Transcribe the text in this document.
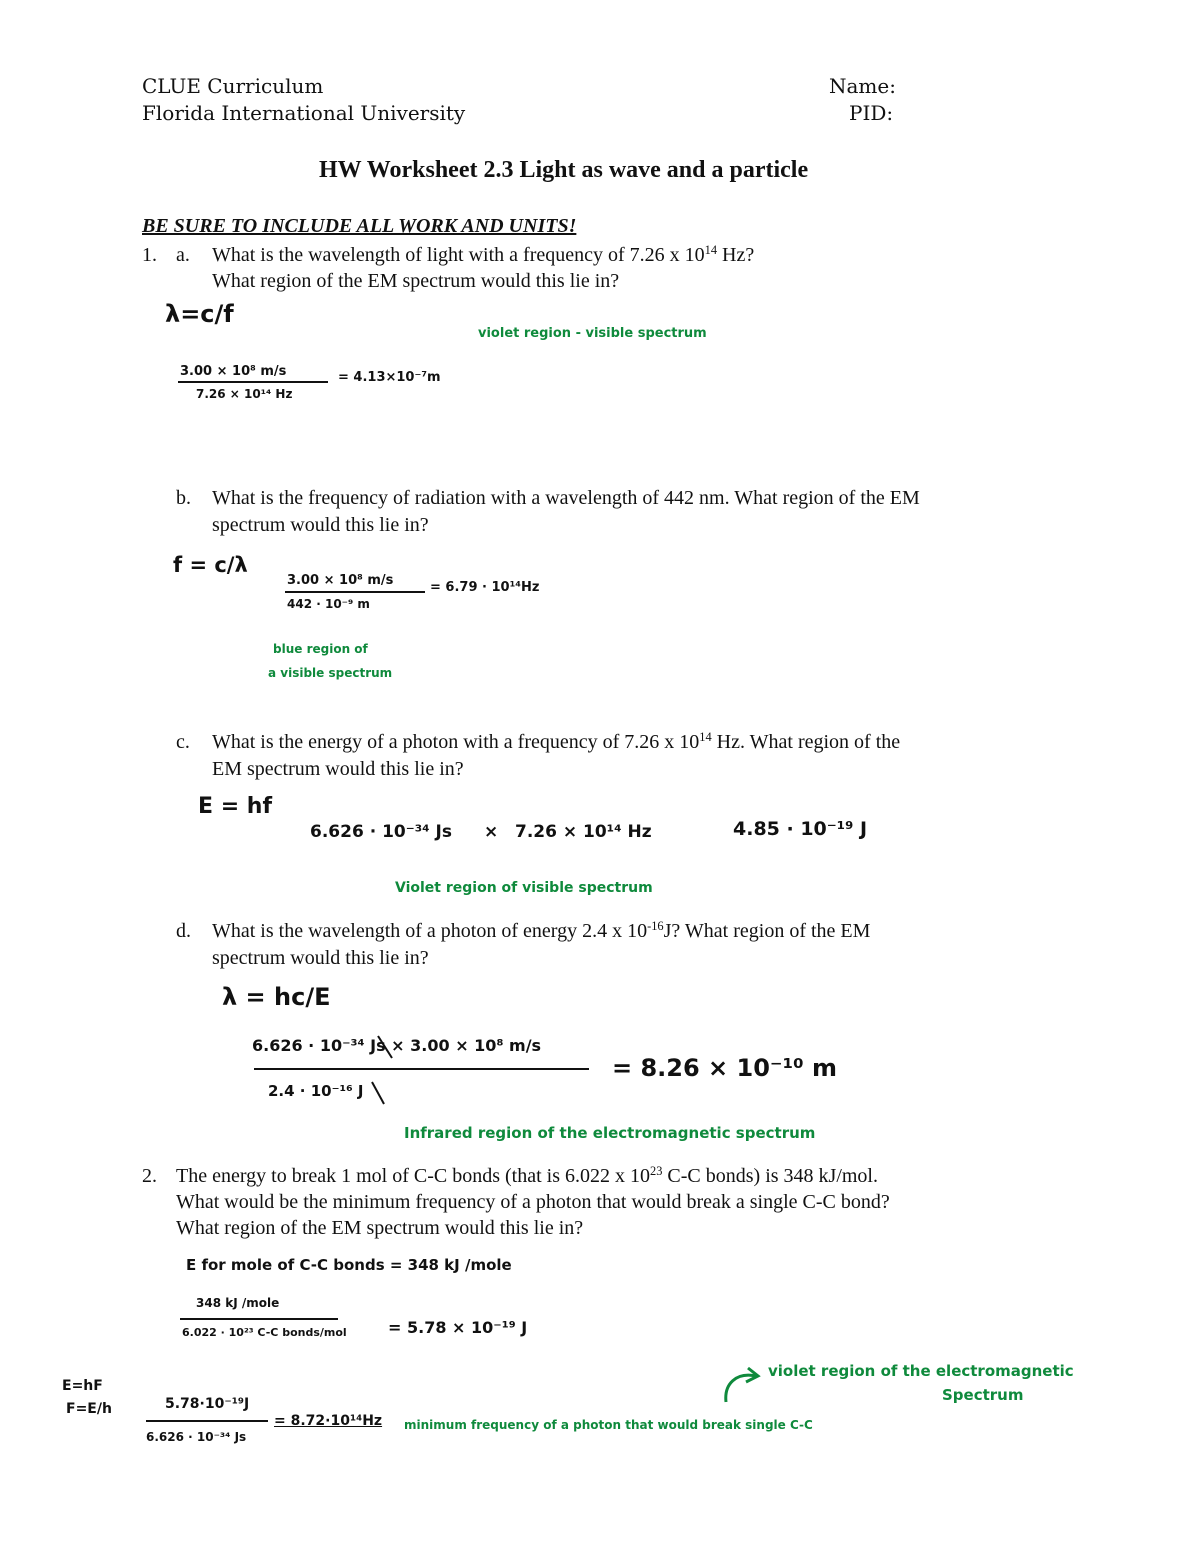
CLUE Curriculum
Florida International University
Name:
PID:
HW Worksheet 2.3 Light as wave and a particle
BE SURE TO INCLUDE ALL WORK AND UNITS!
1. a. What is the wavelength of light with a frequency of 7.26 x $10^{14}$ Hz?
What region of the EM spectrum would this lie in?
λ=c/f
violet region - visible spectrum
3.00 × 10⁸ m/s
7.26 × 10¹⁴ Hz
= 4.13×10⁻⁷m
b. What is the frequency of radiation with a wavelength of 442 nm. What region of the EM
spectrum would this lie in?
f = c/λ
3.00 × 10⁸ m/s
442 · 10⁻⁹ m
= 6.79 · 10¹⁴Hz
blue region of
a visible spectrum
c. What is the energy of a photon with a frequency of 7.26 x $10^{14}$ Hz. What region of the
EM spectrum would this lie in?
E = hf
6.626 · 10⁻³⁴ Js × 7.26 × 10¹⁴ Hz	4.85 · 10⁻¹⁹ J
Violet region of visible spectrum
d. What is the wavelength of a photon of energy 2.4 x $10^{-16}J$? What region of the EM
spectrum would this lie in?
λ = hc/E
6.626 · 10⁻³⁴ Js × 3.00 × 10⁸ m/s
2.4 · 10⁻¹⁶ J
= 8.26 × 10⁻¹⁰ m
Infrared region of the electromagnetic spectrum
2. The energy to break 1 mol of C-C bonds (that is 6.022 x $10^{23}$ C-C bonds) is 348 kJ/mol.
What would be the minimum frequency of a photon that would break a single C-C bond?
What region of the EM spectrum would this lie in?
E for mole of C-C bonds = 348 kJ /mole
348 kJ /mole
6.022 · 10²³ C-C bonds/mol	= 5.78 × 10⁻¹⁹ J
E=hF
F=E/h	5.78·10⁻¹⁹J
6.626 · 10⁻³⁴ Js
= 8.72·10¹⁴Hz minimum frequency of a photon that would break single C-C
violet region of the electromagnetic
Spectrum
